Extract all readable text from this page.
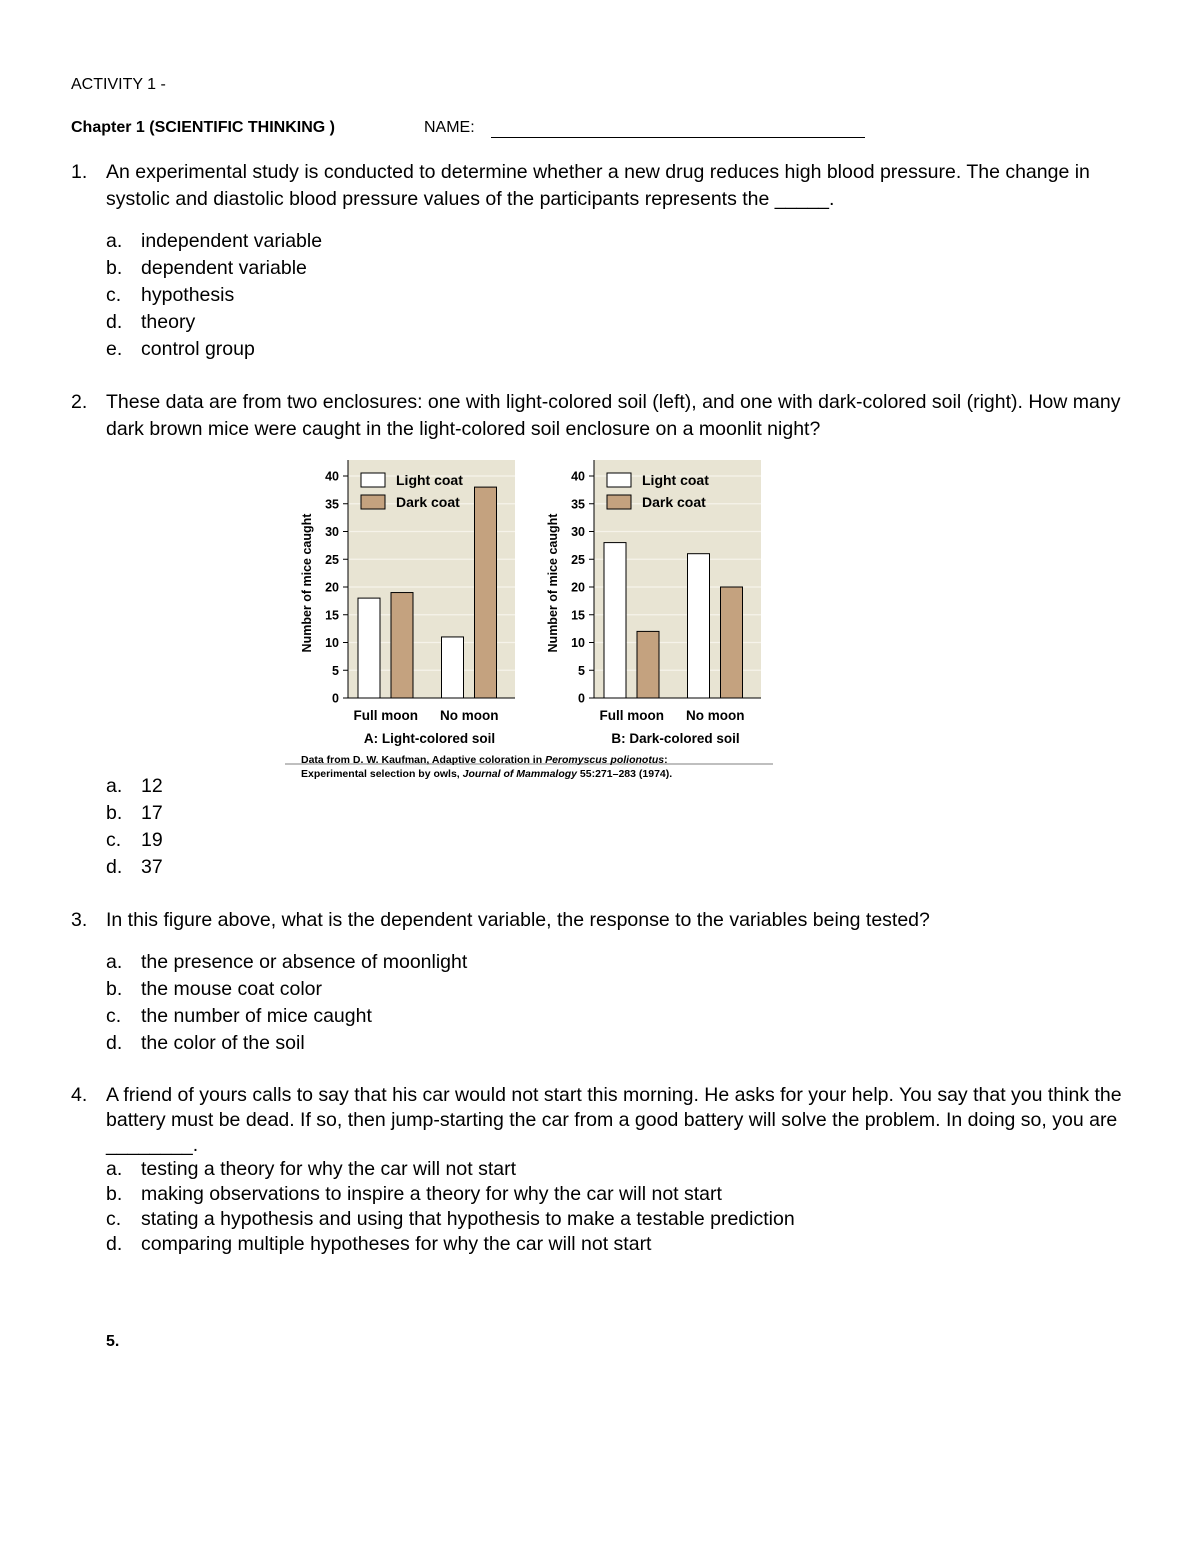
ACTIVITY 1 -
Chapter 1 (SCIENTIFIC THINKING )	NAME:
1. An experimental study is conducted to determine whether a new drug reduces high blood pressure. The change in systolic and diastolic blood pressure values of the participants represents the _____.
a. independent variable
b. dependent variable
c. hypothesis
d. theory
e. control group
2. These data are from two enclosures: one with light-colored soil (left), and one with dark-colored soil (right). How many dark brown mice were caught in the light-colored soil enclosure on a moonlit night?
0
5
10
15
20
25
30
35
40
Number of mice caught
Full moon No moon
A: Light-colored soil
Light coat
Dark coat
0
5
10
15
20
25
30
35
40
Number of mice caught
Full moon No moon
B: Dark-colored soil
Light coat
Dark coat
Data from D. W. Kaufman, Adaptive coloration in Peromyscus polionotus:
Experimental selection by owls, Journal of Mammalogy 55:271–283 (1974).
a. 12
b. 17
c. 19
d. 37
3. In this figure above, what is the dependent variable, the response to the variables being tested?
a. the presence or absence of moonlight
b. the mouse coat color
c. the number of mice caught
d. the color of the soil
4. A friend of yours calls to say that his car would not start this morning. He asks for your help. You say that you think the battery must be dead. If so, then jump-starting the car from a good battery will solve the problem. In doing so, you are ________.
a. testing a theory for why the car will not start
b. making observations to inspire a theory for why the car will not start
c. stating a hypothesis and using that hypothesis to make a testable prediction
d. comparing multiple hypotheses for why the car will not start
5.
